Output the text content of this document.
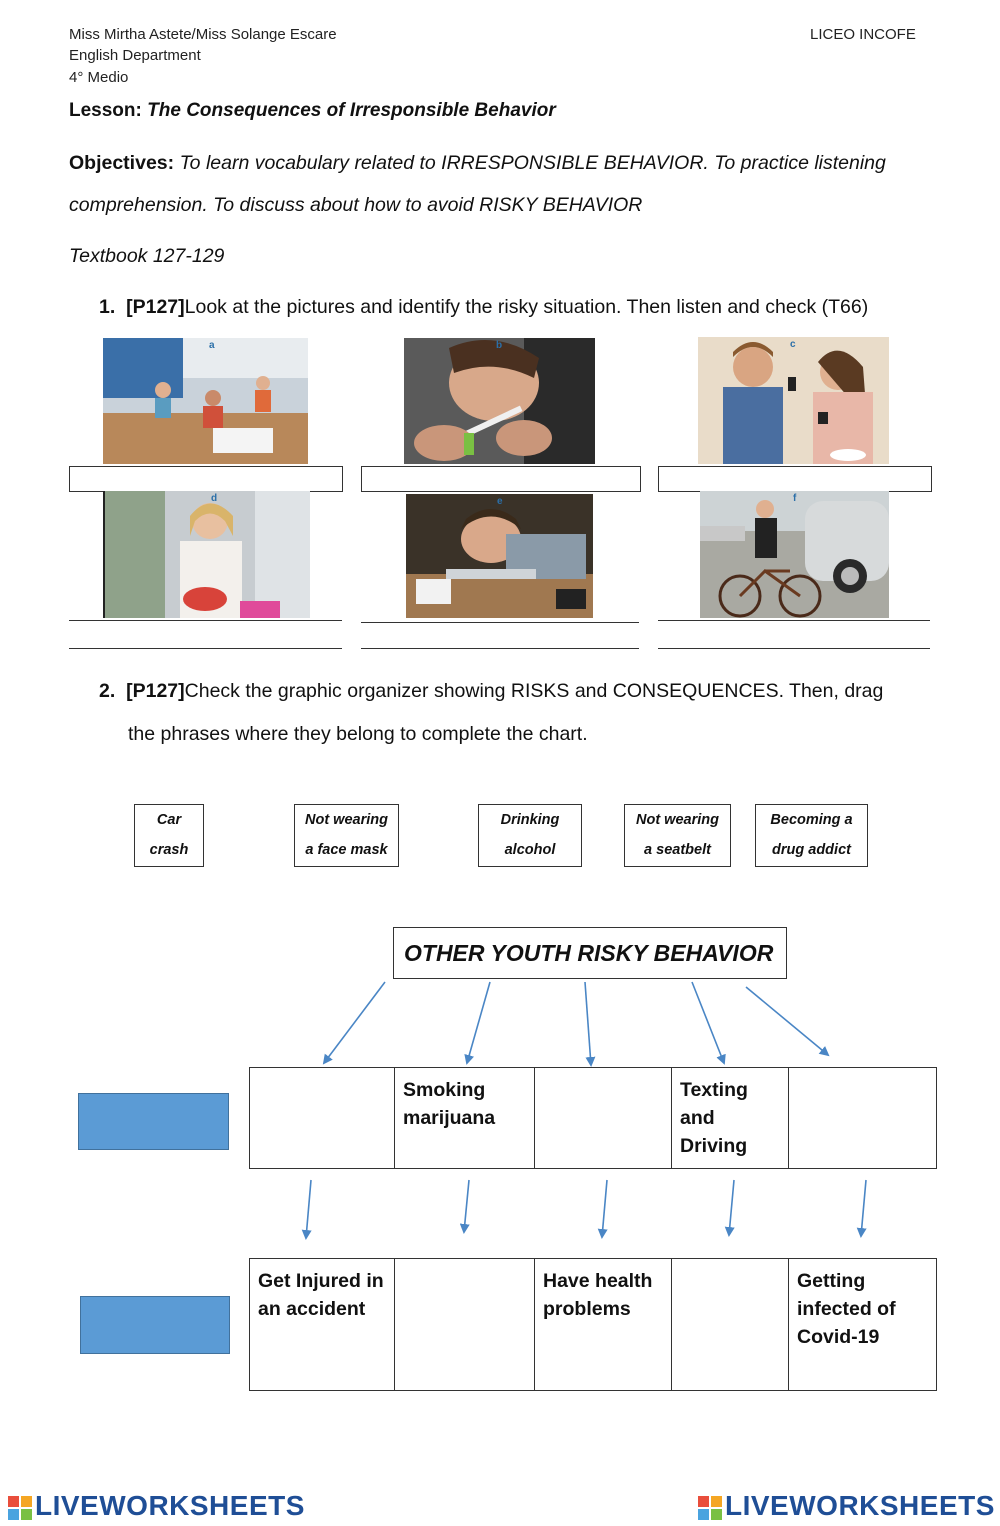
Miss Mirtha Astete/Miss Solange Escare
English Department
4° Medio
LICEO INCOFE
Lesson: The Consequences of Irresponsible Behavior
Objectives: To learn vocabulary related to IRRESPONSIBLE BEHAVIOR. To practice listening
comprehension. To discuss about how to avoid RISKY BEHAVIOR
Textbook 127-129
1. [P127]Look at the pictures and identify the risky situation. Then listen and check (T66)
a	b	c
d	e	f
2. [P127]Check the graphic organizer showing RISKS and CONSEQUENCES. Then, drag
the phrases where they belong to complete the chart.
Car
crash
Not wearing
a face mask
Drinking
alcohol
Not wearing
a seatbelt
Becoming a
drug addict
OTHER YOUTH RISKY BEHAVIOR
	Smoking marijuana		Texting and Driving	
Get Injured in an accident		Have health problems		Getting infected of Covid-19
LIVEWORKSHEETS	LIVEWORKSHEETS
